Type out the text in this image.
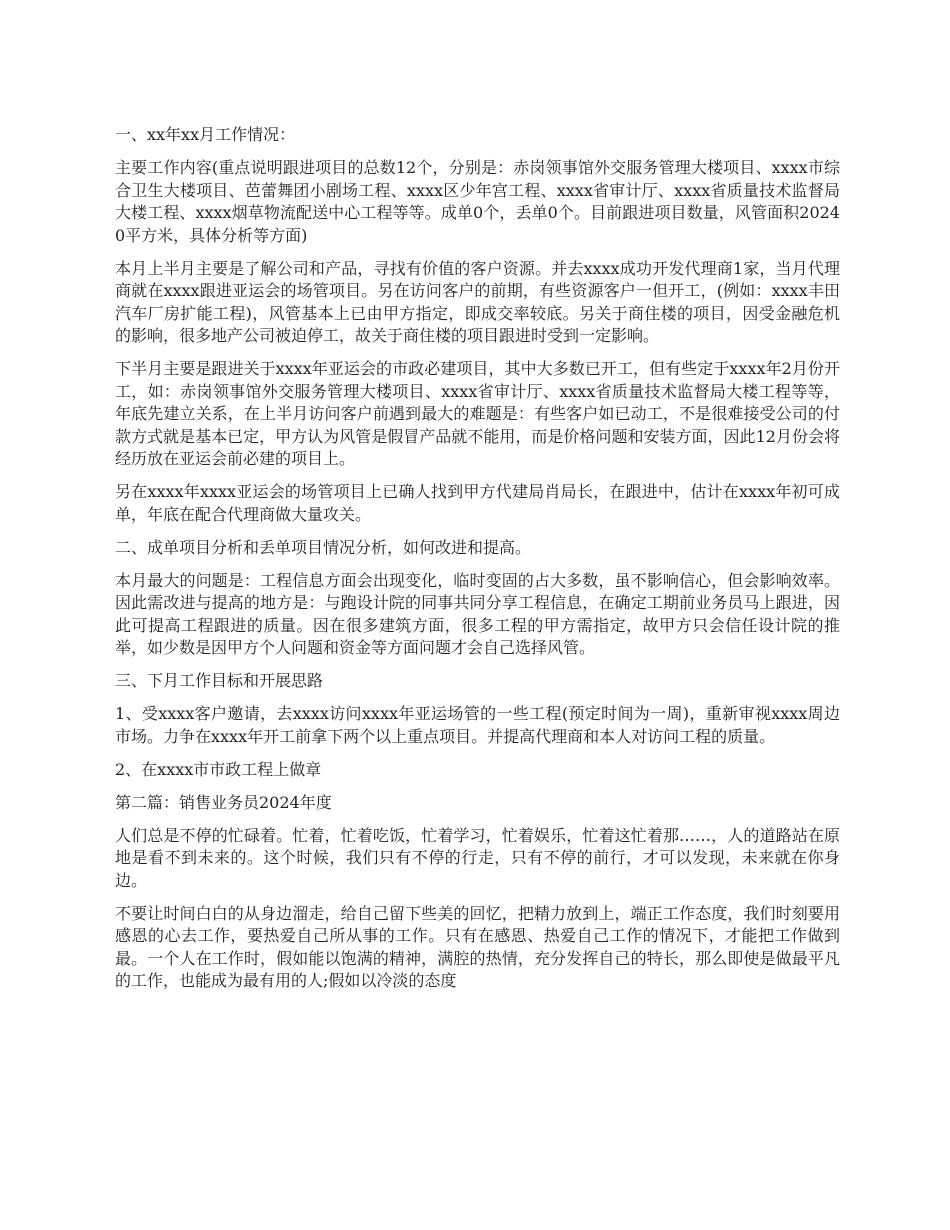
一、xx年xx月工作情况：

主要工作内容(重点说明跟进项目的总数12个，分别是：赤岗领事馆外交服务管理大楼项目、xxxx市综合卫生大楼项目、芭蕾舞团小剧场工程、xxxx区少年宫工程、xxxx省审计厅、xxxx省质量技术监督局大楼工程、xxxx烟草物流配送中心工程等等。成单0个，丢单0个。目前跟进项目数量，风管面积20240平方米，具体分析等方面)

本月上半月主要是了解公司和产品，寻找有价值的客户资源。并去xxxx成功开发代理商1家，当月代理商就在xxxx跟进亚运会的场管项目。另在访问客户的前期，有些资源客户一但开工，(例如：xxxx丰田汽车厂房扩能工程)，风管基本上已由甲方指定，即成交率较底。另关于商住楼的项目，因受金融危机的影响，很多地产公司被迫停工，故关于商住楼的项目跟进时受到一定影响。

下半月主要是跟进关于xxxx年亚运会的市政必建项目，其中大多数已开工，但有些定于xxxx年2月份开工，如：赤岗领事馆外交服务管理大楼项目、xxxx省审计厅、xxxx省质量技术监督局大楼工程等等，年底先建立关系，在上半月访问客户前遇到最大的难题是：有些客户如已动工，不是很难接受公司的付款方式就是基本已定，甲方认为风管是假冒产品就不能用，而是价格问题和安装方面，因此12月份会将经历放在亚运会前必建的项目上。

另在xxxx年xxxx亚运会的场管项目上已确人找到甲方代建局肖局长，在跟进中，估计在xxxx年初可成单，年底在配合代理商做大量攻关。

二、成单项目分析和丢单项目情况分析，如何改进和提高。

本月最大的问题是：工程信息方面会出现变化，临时变固的占大多数，虽不影响信心，但会影响效率。因此需改进与提高的地方是：与跑设计院的同事共同分享工程信息，在确定工期前业务员马上跟进，因此可提高工程跟进的质量。因在很多建筑方面，很多工程的甲方需指定，故甲方只会信任设计院的推举，如少数是因甲方个人问题和资金等方面问题才会自己选择风管。

三、下月工作目标和开展思路

1、受xxxx客户邀请，去xxxx访问xxxx年亚运场管的一些工程(预定时间为一周)，重新审视xxxx周边市场。力争在xxxx年开工前拿下两个以上重点项目。并提高代理商和本人对访问工程的质量。

2、在xxxx市市政工程上做章

第二篇：销售业务员2024年度

人们总是不停的忙碌着。忙着，忙着吃饭，忙着学习，忙着娱乐，忙着这忙着那……，人的道路站在原地是看不到未来的。这个时候，我们只有不停的行走，只有不停的前行，才可以发现，未来就在你身边。

不要让时间白白的从身边溜走，给自己留下些美的回忆，把精力放到上，端正工作态度，我们时刻要用感恩的心去工作，要热爱自己所从事的工作。只有在感恩、热爱自己工作的情况下，才能把工作做到最。一个人在工作时，假如能以饱满的精神，满腔的热情，充分发挥自己的特长，那么即使是做最平凡的工作，也能成为最有用的人;假如以冷淡的态度
